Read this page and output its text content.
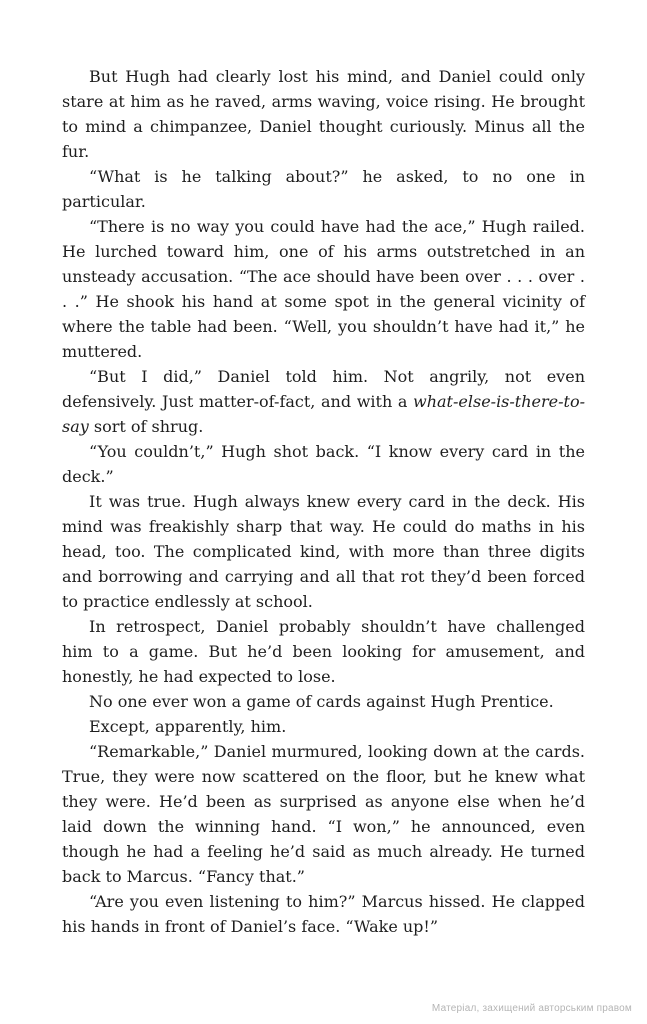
But Hugh had clearly lost his mind, and Daniel could only stare at him as he raved, arms waving, voice rising. He brought to mind a chimpanzee, Daniel thought curiously. Minus all the fur.

“What is he talking about?” he asked, to no one in particular.

“There is no way you could have had the ace,” Hugh railed. He lurched toward him, one of his arms outstretched in an unsteady accusation. “The ace should have been over . . . over . . .” He shook his hand at some spot in the general vicinity of where the table had been. “Well, you shouldn’t have had it,” he muttered.

“But I did,” Daniel told him. Not angrily, not even defensively. Just matter-of-fact, and with a what-else-is-there-to-say sort of shrug.

“You couldn’t,” Hugh shot back. “I know every card in the deck.”

It was true. Hugh always knew every card in the deck. His mind was freakishly sharp that way. He could do maths in his head, too. The complicated kind, with more than three digits and borrowing and carrying and all that rot they’d been forced to practice endlessly at school.

In retrospect, Daniel probably shouldn’t have challenged him to a game. But he’d been looking for amusement, and honestly, he had expected to lose.

No one ever won a game of cards against Hugh Prentice.

Except, apparently, him.

“Remarkable,” Daniel murmured, looking down at the cards. True, they were now scattered on the floor, but he knew what they were. He’d been as surprised as anyone else when he’d laid down the winning hand. “I won,” he announced, even though he had a feeling he’d said as much already. He turned back to Marcus. “Fancy that.”

“Are you even listening to him?” Marcus hissed. He clapped his hands in front of Daniel’s face. “Wake up!”

Матеріал, захищений авторським правом
